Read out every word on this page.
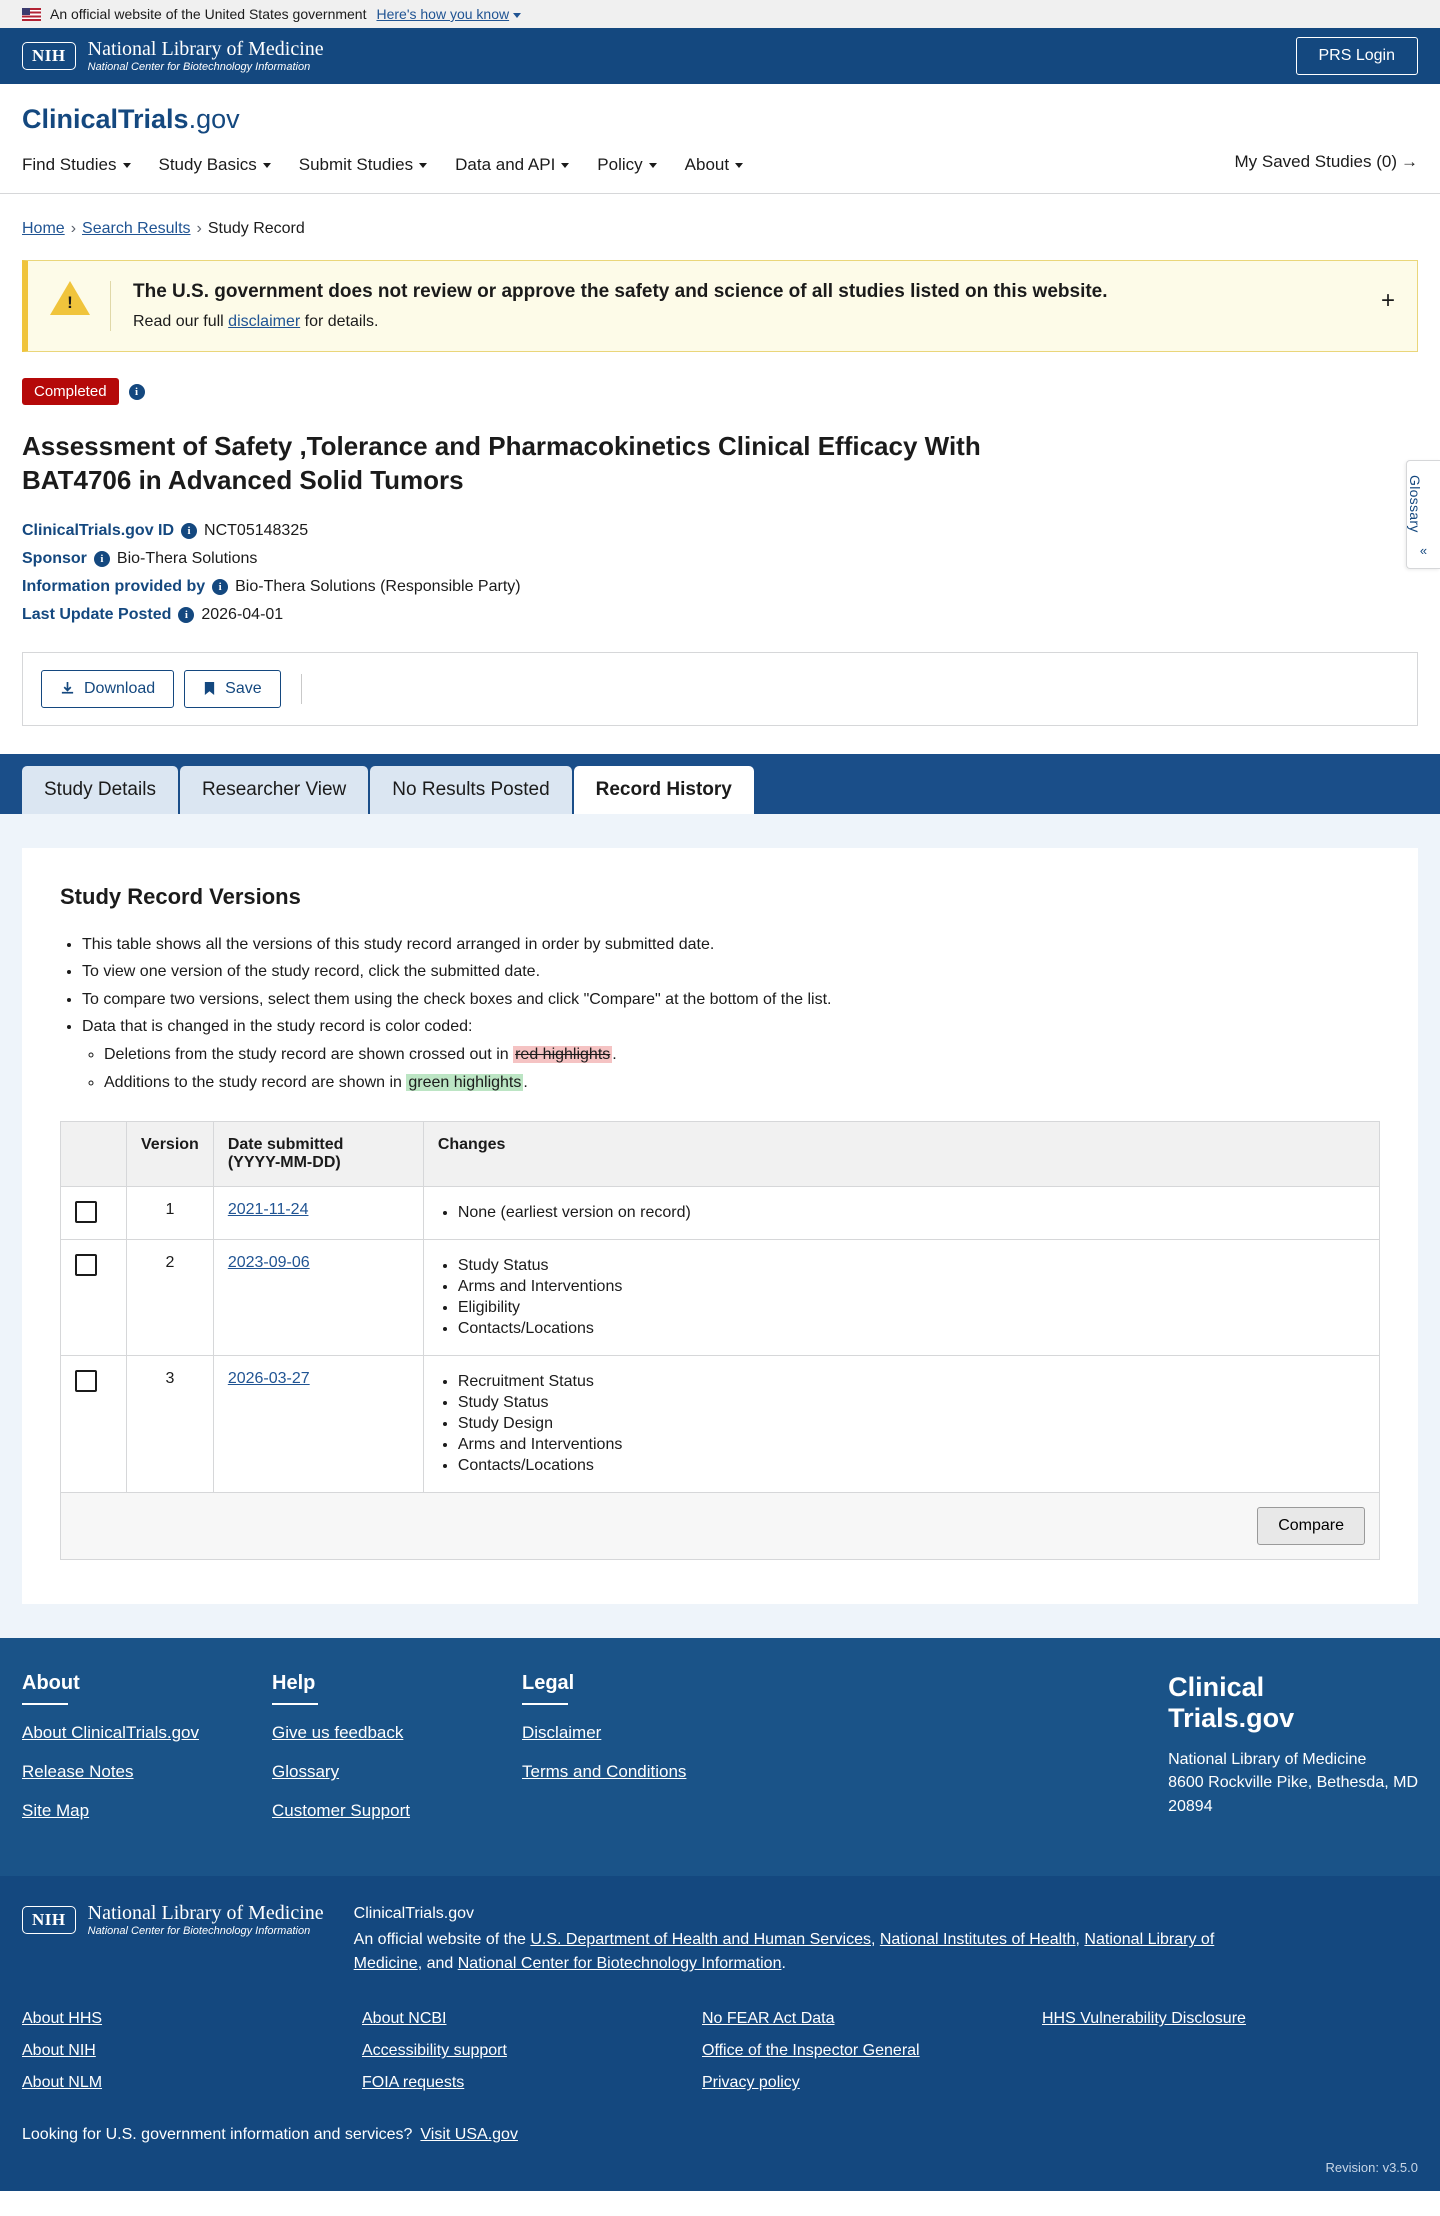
An official website of the United States government Here's how you know
NIH	National Library of Medicine
National Center for Biotechnology Information
PRS Login
ClinicalTrials.gov
Find Studies	Study Basics	Submit Studies	Data and API	Policy	About	My Saved Studies (0) →
Home › Search Results › Study Record
Glossary
«
!
The U.S. government does not review or approve the safety and science of all studies listed on this website.
Read our full disclaimer for details.
+
Completed	i
Assessment of Safety ,Tolerance and Pharmacokinetics Clinical Efficacy With BAT4706 in Advanced Solid Tumors
ClinicalTrials.gov ID	i NCT05148325
Sponsor	i Bio-Thera Solutions
Information provided by	i Bio-Thera Solutions (Responsible Party)
Last Update Posted	i 2026-04-01
Download	Save
Study Details	Researcher View	No Results Posted	Record History
Study Record Versions
• This table shows all the versions of this study record arranged in order by submitted date.
• To view one version of the study record, click the submitted date.
• To compare two versions, select them using the check boxes and click "Compare" at the bottom of the list.
• Data that is changed in the study record is color coded:
◦ Deletions from the study record are shown crossed out in red highlights .
◦ Additions to the study record are shown in green highlights .
	Version	Date submitted
(YYYY-MM-DD)	Changes

	1	2021-11-24	
•None (earliest version on record)

	2	2023-09-06	
•Study Status
• Arms and Interventions
• Eligibility
• Contacts/Locations

	3	2026-03-27	
•Recruitment Status
• Study Status
• Study Design
• Arms and Interventions
• Contacts/Locations

Compare			
About
About ClinicalTrials.gov
Release Notes
Site Map
Help
Give us feedback
Glossary
Customer Support
Legal
Disclaimer
Terms and Conditions
Clinical
Trials.gov
National Library of Medicine
8600 Rockville Pike, Bethesda, MD
20894
NIH	National Library of Medicine
National Center for Biotechnology Information
ClinicalTrials.gov
An official website of the U.S. Department of Health and Human Services, National Institutes of Health, National Library of Medicine, and National Center for Biotechnology Information.
About HHS
About NIH
About NLM
About NCBI
Accessibility support
FOIA requests
No FEAR Act Data
Office of the Inspector General
Privacy policy
HHS Vulnerability Disclosure
Looking for U.S. government information and services? Visit USA.gov
Revision: v3.5.0
